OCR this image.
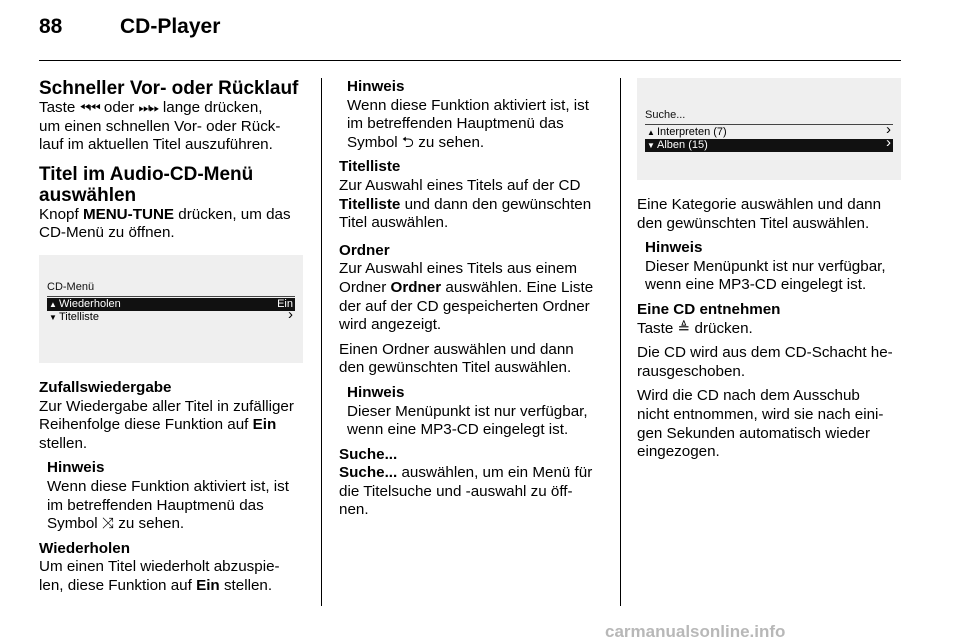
88	CD-Player

Schneller Vor- oder Rücklauf

Taste ⏪︎⏮︎ oder ⏭︎⏩︎ lange drücken,

um einen schnellen Vor- oder Rück-

lauf im aktuellen Titel auszuführen.

Titel im Audio-CD-Menü

auswählen

Knopf MENU-TUNE drücken, um das

CD-Menü zu öffnen.

CD-Menü
▲ Wiederholen	Ein
▼ Titelliste	›

Zufallswiedergabe

Zur Wiedergabe aller Titel in zufälliger

Reihenfolge diese Funktion auf Ein

stellen.

Hinweis

Wenn diese Funktion aktiviert ist, ist

im betreffenden Hauptmenü das

Symbol ⤨ zu sehen.

Wiederholen

Um einen Titel wiederholt abzuspie-

len, diese Funktion auf Ein stellen.

Hinweis

Wenn diese Funktion aktiviert ist, ist

im betreffenden Hauptmenü das

Symbol ⮌ zu sehen.

Titelliste

Zur Auswahl eines Titels auf der CD

Titelliste und dann den gewünschten

Titel auswählen.

Ordner

Zur Auswahl eines Titels aus einem

Ordner Ordner auswählen. Eine Liste

der auf der CD gespeicherten Ordner

wird angezeigt.

Einen Ordner auswählen und dann

den gewünschten Titel auswählen.

Hinweis

Dieser Menüpunkt ist nur verfügbar,

wenn eine MP3-CD eingelegt ist.

Suche...

Suche... auswählen, um ein Menü für

die Titelsuche und -auswahl zu öff-

nen.

Suche...
▲ Interpreten (7)	›
▼ Alben (15)	›

Eine Kategorie auswählen und dann

den gewünschten Titel auswählen.

Hinweis

Dieser Menüpunkt ist nur verfügbar,

wenn eine MP3-CD eingelegt ist.

Eine CD entnehmen

Taste ≜ drücken.

Die CD wird aus dem CD-Schacht he-

rausgeschoben.

Wird die CD nach dem Ausschub

nicht entnommen, wird sie nach eini-

gen Sekunden automatisch wieder

eingezogen.

carmanualsonline.info
